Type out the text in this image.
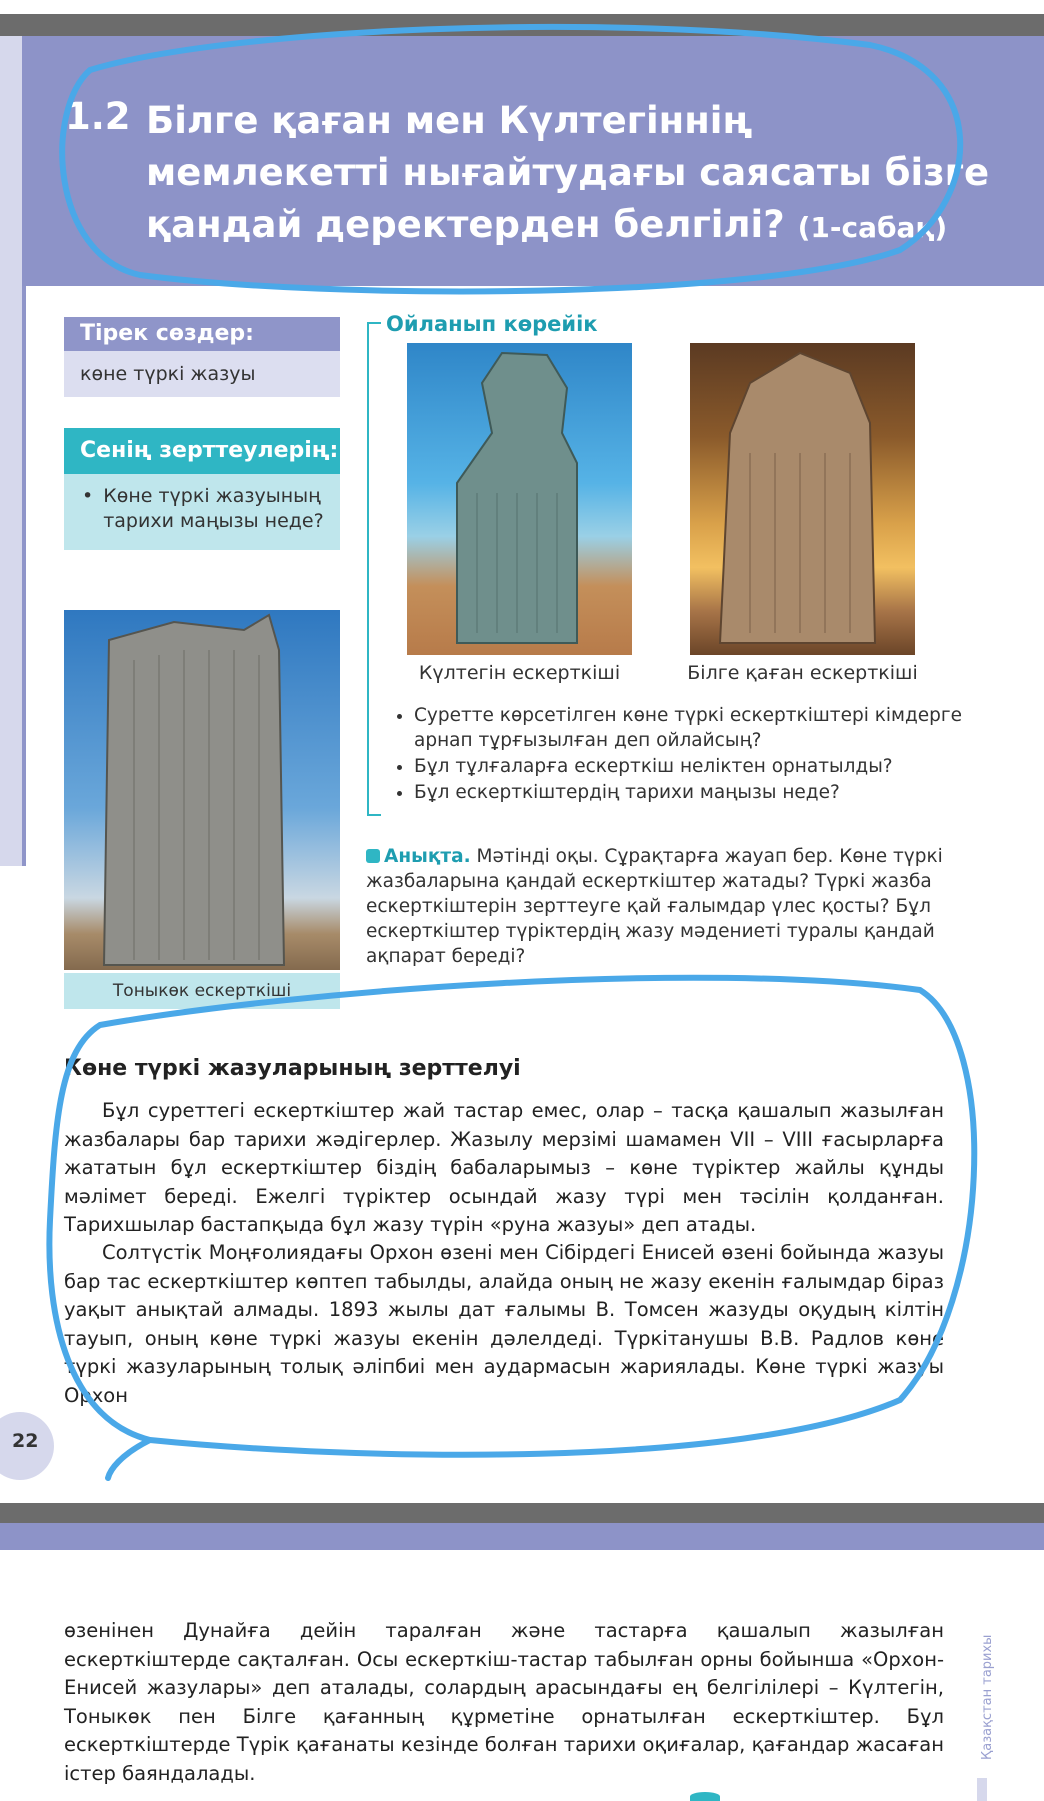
1.2 Білге қаған мен Күлтегіннің мемлекетті нығайтудағы саясаты бізге қандай деректерден белгілі? (1-сабақ)
Тірек сөздер:
көне түркі жазуы
Сенің зерттеулерің:
• Көне түркі жазуының тарихи маңызы неде?
Ойланып көрейік
Күлтегін ескерткіші	Білге қаған ескерткіші
• Суретте көрсетілген көне түркі ескерткіштері кімдерге арнап тұрғызылған деп ойлайсың?
• Бұл тұлғаларға ескерткіш неліктен орнатылды?
• Бұл ескерткіштердің тарихи маңызы неде?
Тоныкөк ескерткіші
Анықта. Мәтінді оқы. Сұрақтарға жауап бер. Көне түркі жазбаларына қандай ескерткіштер жатады? Түркі жазба ескерткіштерін зерттеуге қай ғалымдар үлес қосты? Бұл ескерткіштер түріктердің жазу мәдениеті туралы қандай ақпарат береді?
Көне түркі жазуларының зерттелуі

Бұл суреттегі ескерткіштер жай тастар емес, олар – тасқа қашалып жазылған жазбалары бар тарихи жәдігерлер. Жазылу мерзімі шамамен VII – VIII ғасырларға жататын бұл ескерткіштер біздің бабаларымыз – көне түріктер жайлы құнды мәлімет береді. Ежелгі түріктер осындай жазу түрі мен тәсілін қолданған. Тарихшылар бастапқыда бұл жазу түрін «руна жазуы» деп атады.

Солтүстік Моңғолиядағы Орхон өзені мен Сібірдегі Енисей өзені бойында жазуы бар тас ескерткіштер көптеп табылды, алайда оның не жазу екенін ғалымдар біраз уақыт анықтай алмады. 1893 жылы дат ғалымы В. Томсен жазуды оқудың кілтін тауып, оның көне түркі жазуы екенін дәлелдеді. Түркітанушы В.В. Радлов көне түркі жазуларының толық әліпбиі мен аудармасын жариялады. Көне түркі жазуы Орхон

22

өзенінен Дунайға дейін таралған және тастарға қашалып жазылған ескерткіштерде сақталған. Осы ескерткіш-тастар табылған орны бойынша «Орхон-Енисей жазулары» деп аталады, солардың арасындағы ең белгілілері – Күлтегін, Тоныкөк пен Білге қағанның құрметіне орнатылған ескерткіштер. Бұл ескерткіштерде Түрік қағанаты кезінде болған тарихи оқиғалар, қағандар жасаған істер баяндалады.

Қазақстан тарихы
